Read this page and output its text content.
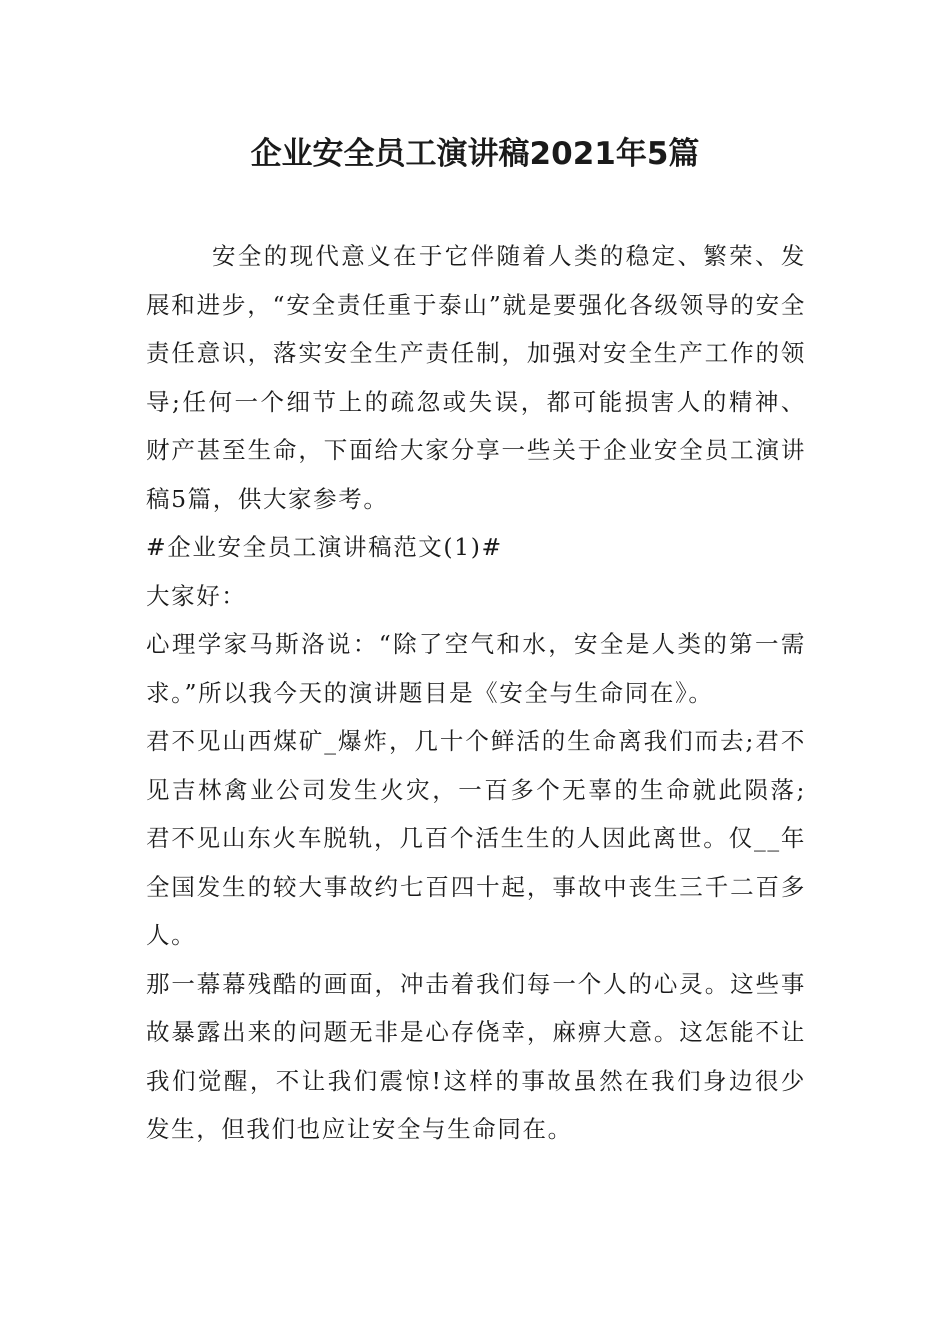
企业安全员工演讲稿2021年5篇

安全的现代意义在于它伴随着人类的稳定、繁荣、发展和进步，“安全责任重于泰山”就是要强化各级领导的安全责任意识，落实安全生产责任制，加强对安全生产工作的领导;任何一个细节上的疏忽或失误，都可能损害人的精神、财产甚至生命，下面给大家分享一些关于企业安全员工演讲稿5篇，供大家参考。

#企业安全员工演讲稿范文(1)#

大家好：

心理学家马斯洛说：“除了空气和水，安全是人类的第一需求。”所以我今天的演讲题目是《安全与生命同在》。

君不见山西煤矿_爆炸，几十个鲜活的生命离我们而去;君不见吉林禽业公司发生火灾，一百多个无辜的生命就此陨落;君不见山东火车脱轨，几百个活生生的人因此离世。仅__年全国发生的较大事故约七百四十起，事故中丧生三千二百多人。

那一幕幕残酷的画面，冲击着我们每一个人的心灵。这些事故暴露出来的问题无非是心存侥幸，麻痹大意。这怎能不让我们觉醒，不让我们震惊!这样的事故虽然在我们身边很少发生，但我们也应让安全与生命同在。
